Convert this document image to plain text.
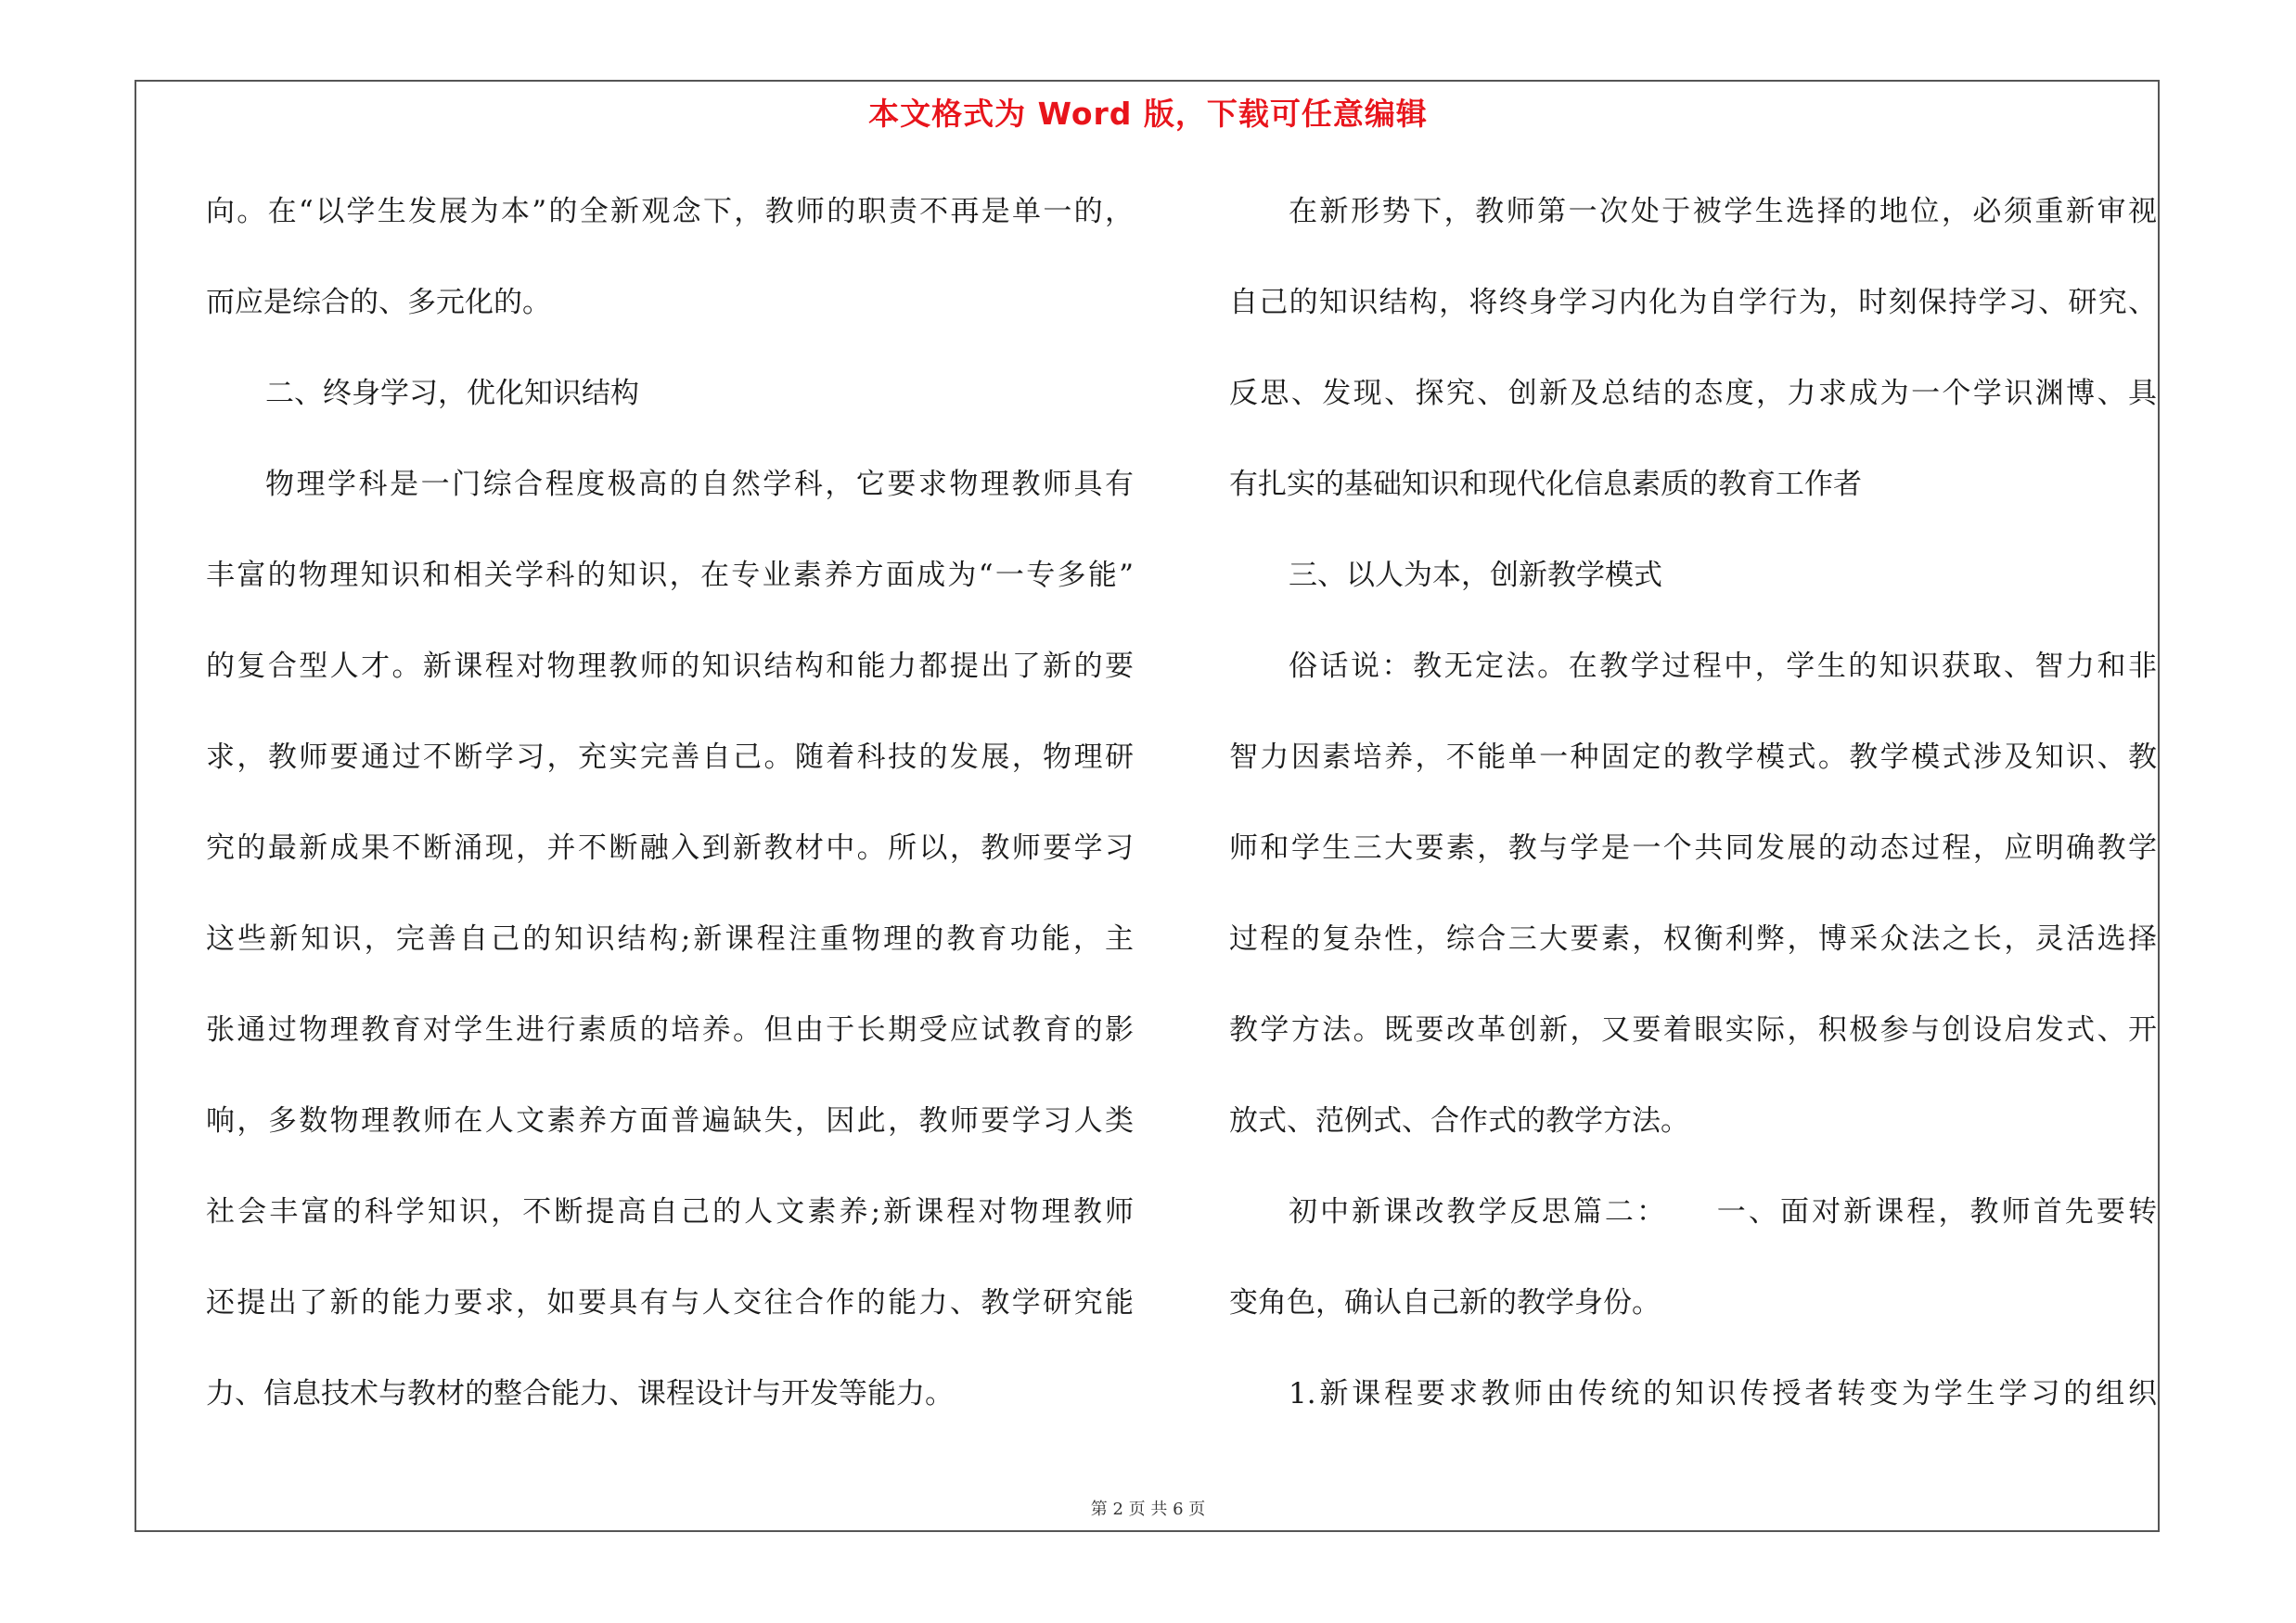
本文格式为 Word 版，下载可任意编辑
向。在“以学生发展为本”的全新观念下，教师的职责不再是单一的，
而应是综合的、多元化的。
二、终身学习，优化知识结构
物理学科是一门综合程度极高的自然学科，它要求物理教师具有
丰富的物理知识和相关学科的知识，在专业素养方面成为“一专多能”
的复合型人才。新课程对物理教师的知识结构和能力都提出了新的要
求，教师要通过不断学习，充实完善自己。随着科技的发展，物理研
究的最新成果不断涌现，并不断融入到新教材中。所以，教师要学习
这些新知识，完善自己的知识结构;新课程注重物理的教育功能，主
张通过物理教育对学生进行素质的培养。但由于长期受应试教育的影
响，多数物理教师在人文素养方面普遍缺失，因此，教师要学习人类
社会丰富的科学知识，不断提高自己的人文素养;新课程对物理教师
还提出了新的能力要求，如要具有与人交往合作的能力、教学研究能
力、信息技术与教材的整合能力、课程设计与开发等能力。
在新形势下，教师第一次处于被学生选择的地位，必须重新审视
自己的知识结构，将终身学习内化为自学行为，时刻保持学习、研究、
反思、发现、探究、创新及总结的态度，力求成为一个学识渊博、具
有扎实的基础知识和现代化信息素质的教育工作者
三、以人为本，创新教学模式
俗话说：教无定法。在教学过程中，学生的知识获取、智力和非
智力因素培养，不能单一种固定的教学模式。教学模式涉及知识、教
师和学生三大要素，教与学是一个共同发展的动态过程，应明确教学
过程的复杂性，综合三大要素，权衡利弊，博采众法之长，灵活选择
教学方法。既要改革创新，又要着眼实际，积极参与创设启发式、开
放式、范例式、合作式的教学方法。
初中新课改教学反思篇二：　　一、面对新课程，教师首先要转
变角色，确认自己新的教学身份。
1.新课程要求教师由传统的知识传授者转变为学生学习的组织
第 2 页 共 6 页
